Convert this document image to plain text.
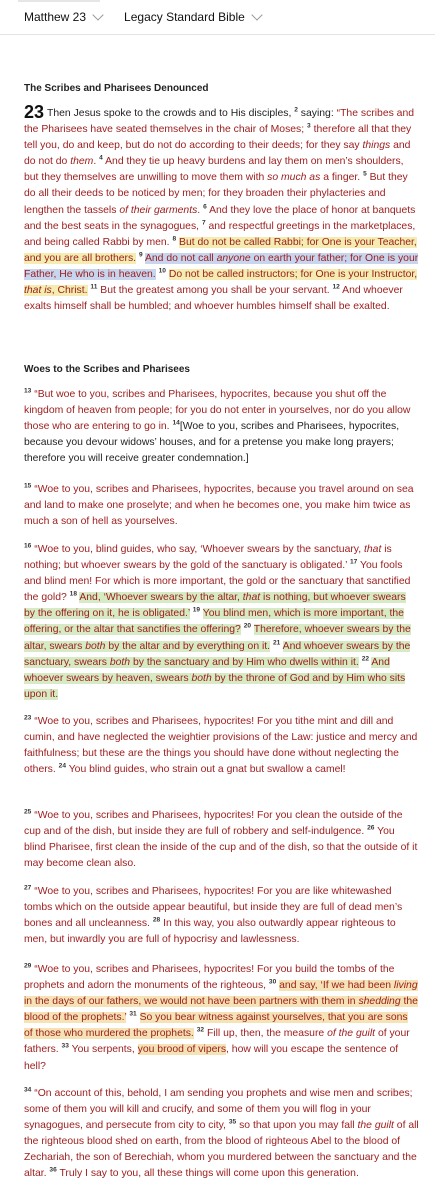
Matthew 23	Legacy Standard Bible
The Scribes and Pharisees Denounced
23 Then Jesus spoke to the crowds and to His disciples, $^2$ saying: “The scribes and the Pharisees have seated themselves in the chair of Moses; $^3$ therefore all that they tell you, do and keep, but do not do according to their deeds; for they say things and do not do them. $^4$ And they tie up heavy burdens and lay them on men’s shoulders, but they themselves are unwilling to move them with so much as a finger. $^5$ But they do all their deeds to be noticed by men; for they broaden their phylacteries and lengthen the tassels of their garments. $^6$ And they love the place of honor at banquets and the best seats in the synagogues, $^7$ and respectful greetings in the marketplaces, and being called Rabbi by men. $^8$ But do not be called Rabbi; for One is your Teacher, and you are all brothers. $^9$ And do not call anyone on earth your father; for One is your Father, He who is in heaven. $^{10}$ Do not be called instructors; for One is your Instructor, that is, Christ. $^{11}$ But the greatest among you shall be your servant. $^{12}$ And whoever exalts himself shall be humbled; and whoever humbles himself shall be exalted.
Woes to the Scribes and Pharisees
$^{13}$ “But woe to you, scribes and Pharisees, hypocrites, because you shut off the kingdom of heaven from people; for you do not enter in yourselves, nor do you allow those who are entering to go in. $^{14}$[Woe to you, scribes and Pharisees, hypocrites, because you devour widows’ houses, and for a pretense you make long prayers; therefore you will receive greater condemnation.]
$^{15}$ “Woe to you, scribes and Pharisees, hypocrites, because you travel around on sea and land to make one proselyte; and when he becomes one, you make him twice as much a son of hell as yourselves.
$^{16}$ “Woe to you, blind guides, who say, ‘Whoever swears by the sanctuary, that is nothing; but whoever swears by the gold of the sanctuary is obligated.’ $^{17}$ You fools and blind men! For which is more important, the gold or the sanctuary that sanctified the gold? $^{18}$ And, ‘Whoever swears by the altar, that is nothing, but whoever swears by the offering on it, he is obligated.’ $^{19}$ You blind men, which is more important, the offering, or the altar that sanctifies the offering? $^{20}$ Therefore, whoever swears by the altar, swears both by the altar and by everything on it. $^{21}$ And whoever swears by the sanctuary, swears both by the sanctuary and by Him who dwells within it. $^{22}$ And whoever swears by heaven, swears both by the throne of God and by Him who sits upon it.
$^{23}$ “Woe to you, scribes and Pharisees, hypocrites! For you tithe mint and dill and cumin, and have neglected the weightier provisions of the Law: justice and mercy and faithfulness; but these are the things you should have done without neglecting the others. $^{24}$ You blind guides, who strain out a gnat but swallow a camel!
$^{25}$ “Woe to you, scribes and Pharisees, hypocrites! For you clean the outside of the cup and of the dish, but inside they are full of robbery and self-indulgence. $^{26}$ You blind Pharisee, first clean the inside of the cup and of the dish, so that the outside of it may become clean also.
$^{27}$ “Woe to you, scribes and Pharisees, hypocrites! For you are like whitewashed tombs which on the outside appear beautiful, but inside they are full of dead men’s bones and all uncleanness. $^{28}$ In this way, you also outwardly appear righteous to men, but inwardly you are full of hypocrisy and lawlessness.
$^{29}$ “Woe to you, scribes and Pharisees, hypocrites! For you build the tombs of the prophets and adorn the monuments of the righteous, $^{30}$ and say, ‘If we had been living in the days of our fathers, we would not have been partners with them in shedding the blood of the prophets.’ $^{31}$ So you bear witness against yourselves, that you are sons of those who murdered the prophets. $^{32}$ Fill up, then, the measure of the guilt of your fathers. $^{33}$ You serpents, you brood of vipers, how will you escape the sentence of hell?
$^{34}$ “On account of this, behold, I am sending you prophets and wise men and scribes; some of them you will kill and crucify, and some of them you will flog in your synagogues, and persecute from city to city, $^{35}$ so that upon you may fall the guilt of all the righteous blood shed on earth, from the blood of righteous Abel to the blood of Zechariah, the son of Berechiah, whom you murdered between the sanctuary and the altar. $^{36}$ Truly I say to you, all these things will come upon this generation.
